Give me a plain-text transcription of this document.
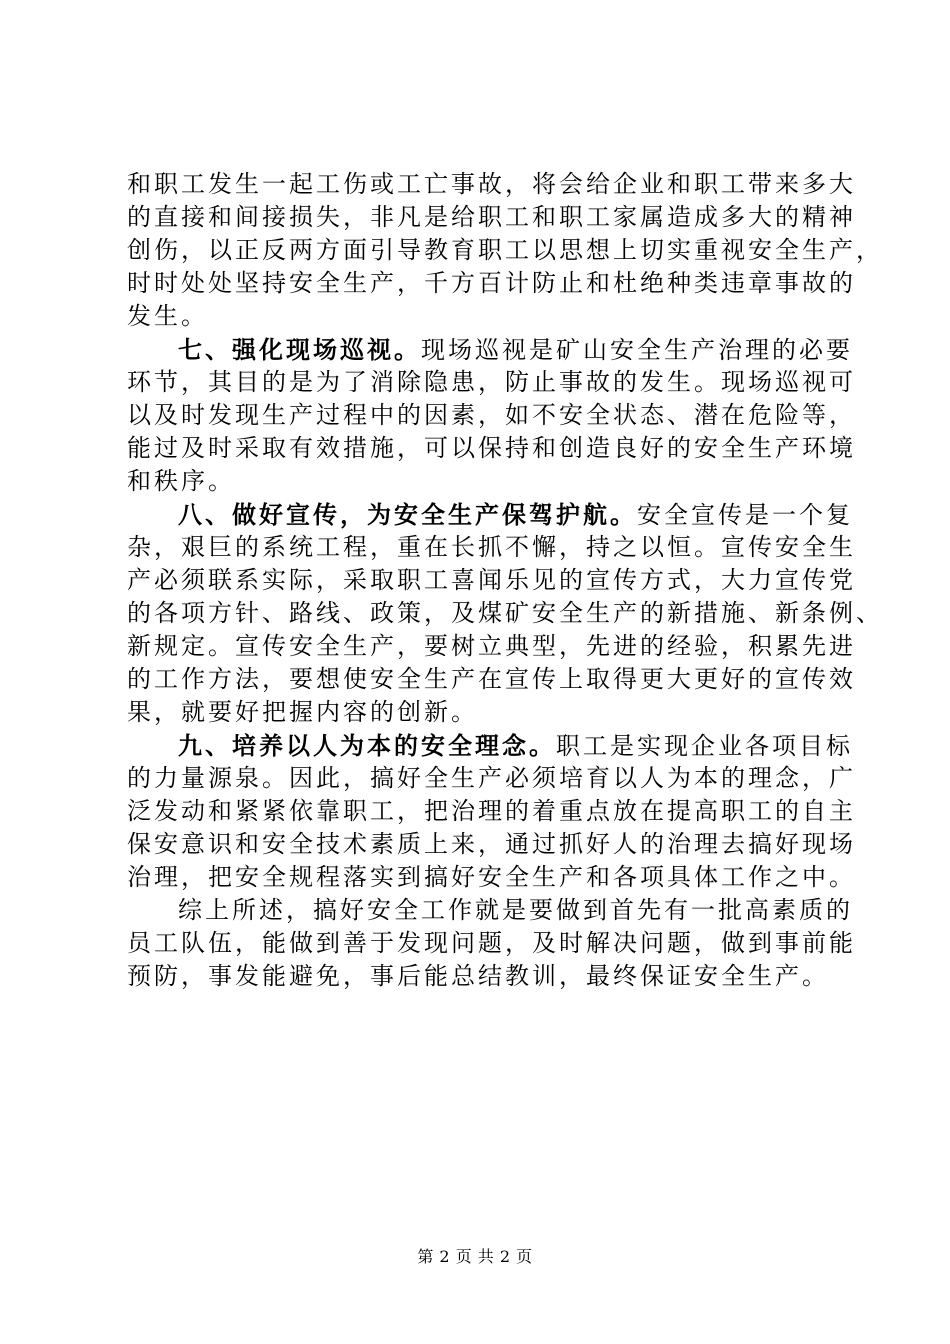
和职工发生一起工伤或工亡事故，将会给企业和职工带来多大
的直接和间接损失，非凡是给职工和职工家属造成多大的精神
创伤，以正反两方面引导教育职工以思想上切实重视安全生产，
时时处处坚持安全生产，千方百计防止和杜绝种类违章事故的
发生。
七、强化现场巡视。现场巡视是矿山安全生产治理的必要
环节，其目的是为了消除隐患，防止事故的发生。现场巡视可
以及时发现生产过程中的因素，如不安全状态、潜在危险等，
能过及时采取有效措施，可以保持和创造良好的安全生产环境
和秩序。
八、做好宣传，为安全生产保驾护航。安全宣传是一个复
杂，艰巨的系统工程，重在长抓不懈，持之以恒。宣传安全生
产必须联系实际，采取职工喜闻乐见的宣传方式，大力宣传党
的各项方针、路线、政策，及煤矿安全生产的新措施、新条例、
新规定。宣传安全生产，要树立典型，先进的经验，积累先进
的工作方法，要想使安全生产在宣传上取得更大更好的宣传效
果，就要好把握内容的创新。
九、培养以人为本的安全理念。职工是实现企业各项目标
的力量源泉。因此，搞好全生产必须培育以人为本的理念，广
泛发动和紧紧依靠职工，把治理的着重点放在提高职工的自主
保安意识和安全技术素质上来，通过抓好人的治理去搞好现场
治理，把安全规程落实到搞好安全生产和各项具体工作之中。
综上所述，搞好安全工作就是要做到首先有一批高素质的
员工队伍，能做到善于发现问题，及时解决问题，做到事前能
预防，事发能避免，事后能总结教训，最终保证安全生产。
第 2 页 共 2 页
